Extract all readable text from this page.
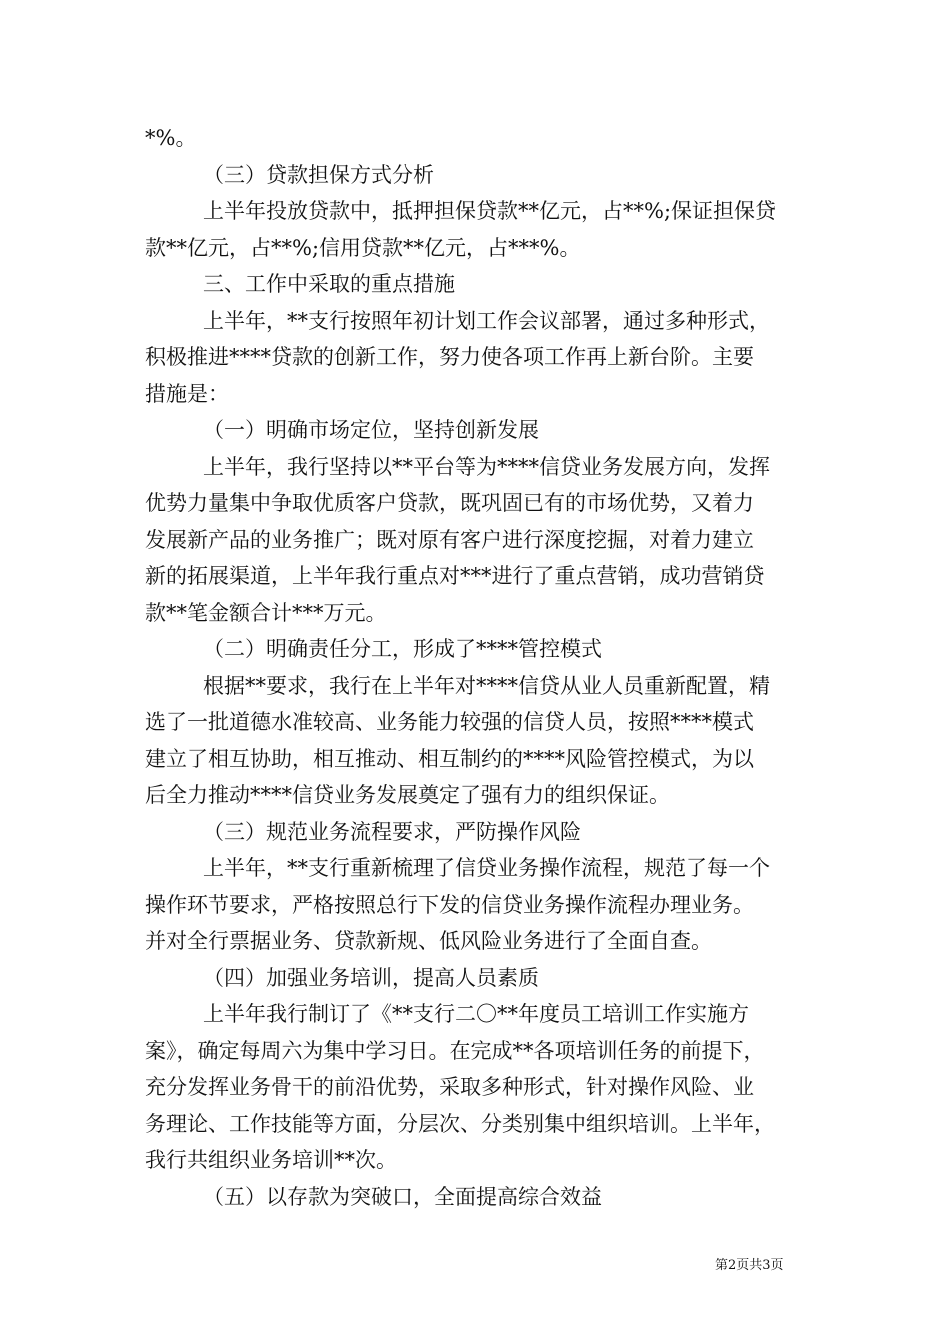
*%。

（三）贷款担保方式分析

上半年投放贷款中，抵押担保贷款**亿元，占**%;保证担保贷

款**亿元，占**%;信用贷款**亿元，占***%。

三、工作中采取的重点措施

上半年，**支行按照年初计划工作会议部署，通过多种形式，

积极推进****贷款的创新工作，努力使各项工作再上新台阶。主要

措施是：

（一）明确市场定位，坚持创新发展

上半年，我行坚持以**平台等为****信贷业务发展方向，发挥

优势力量集中争取优质客户贷款，既巩固已有的市场优势，又着力

发展新产品的业务推广；既对原有客户进行深度挖掘，对着力建立

新的拓展渠道，上半年我行重点对***进行了重点营销，成功营销贷

款**笔金额合计***万元。

（二）明确责任分工，形成了****管控模式

根据**要求，我行在上半年对****信贷从业人员重新配置，精

选了一批道德水准较高、业务能力较强的信贷人员，按照****模式

建立了相互协助，相互推动、相互制约的****风险管控模式，为以

后全力推动****信贷业务发展奠定了强有力的组织保证。

（三）规范业务流程要求，严防操作风险

上半年，**支行重新梳理了信贷业务操作流程，规范了每一个

操作环节要求，严格按照总行下发的信贷业务操作流程办理业务。

并对全行票据业务、贷款新规、低风险业务进行了全面自查。

（四）加强业务培训，提高人员素质

上半年我行制订了《**支行二〇**年度员工培训工作实施方

案》，确定每周六为集中学习日。在完成**各项培训任务的前提下，

充分发挥业务骨干的前沿优势，采取多种形式，针对操作风险、业

务理论、工作技能等方面，分层次、分类别集中组织培训。上半年，

我行共组织业务培训**次。

（五）以存款为突破口，全面提高综合效益

第2页共3页
